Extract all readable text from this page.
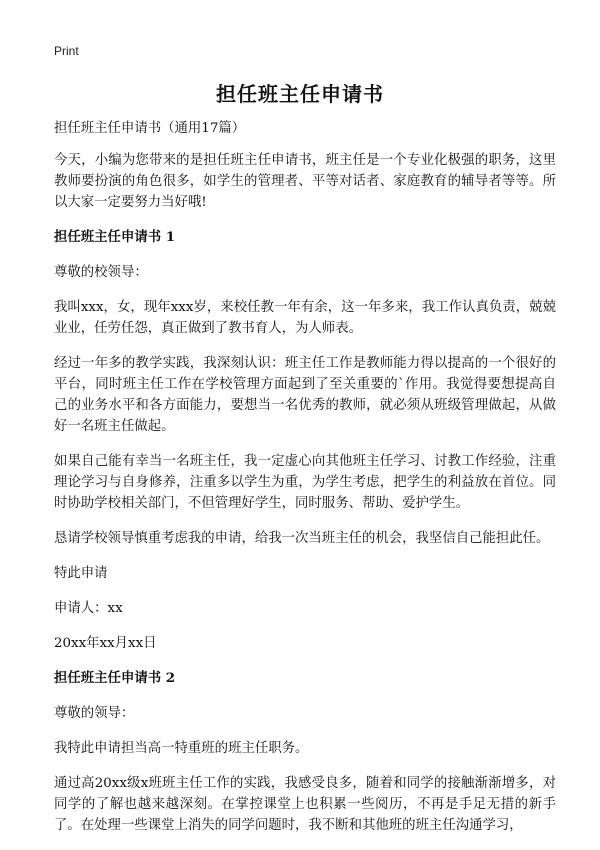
Print
担任班主任申请书

担任班主任申请书（通用17篇）

今天，小编为您带来的是担任班主任申请书，班主任是一个专业化极强的职务，这里教师要扮演的角色很多，如学生的管理者、平等对话者、家庭教育的辅导者等等。所以大家一定要努力当好哦!

担任班主任申请书 1

尊敬的校领导：

我叫xxx，女，现年xxx岁，来校任教一年有余，这一年多来，我工作认真负责，兢兢业业，任劳任怨，真正做到了教书育人，为人师表。

经过一年多的教学实践，我深刻认识：班主任工作是教师能力得以提高的一个很好的平台，同时班主任工作在学校管理方面起到了至关重要的`作用。我觉得要想提高自己的业务水平和各方面能力，要想当一名优秀的教师，就必须从班级管理做起，从做好一名班主任做起。

如果自己能有幸当一名班主任，我一定虚心向其他班主任学习、讨教工作经验，注重理论学习与自身修养，注重多以学生为重，为学生考虑，把学生的利益放在首位。同时协助学校相关部门，不但管理好学生，同时服务、帮助、爱护学生。

恳请学校领导慎重考虑我的申请，给我一次当班主任的机会，我坚信自己能担此任。

特此申请

申请人：xx

20xx年xx月xx日

担任班主任申请书 2

尊敬的领导：

我特此申请担当高一特重班的班主任职务。

通过高20xx级x班班主任工作的实践，我感受良多，随着和同学的接触渐渐增多，对同学的了解也越来越深刻。在掌控课堂上也积累一些阅历，不再是手足无措的新手了。在处理一些课堂上消失的同学问题时，我不断和其他班的班主任沟通学习，
